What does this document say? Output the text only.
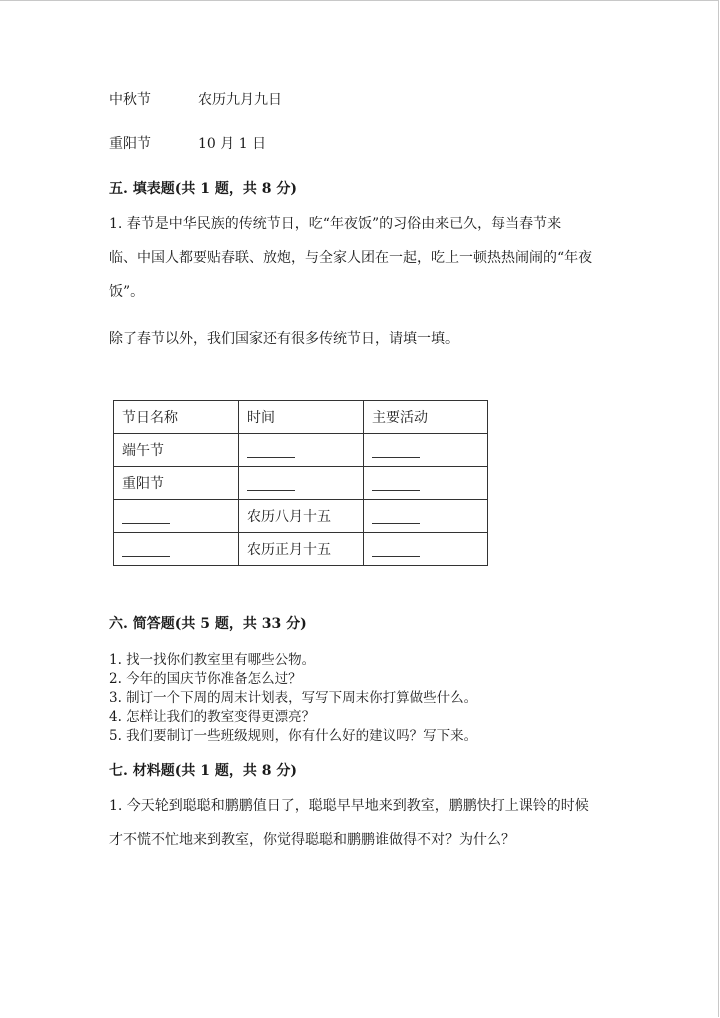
中秋节	农历九月九日
重阳节	10 月 1 日
五. 填表题(共 1 题，共 8 分)
1. 春节是中华民族的传统节日，吃“年夜饭”的习俗由来已久，每当春节来
临、中国人都要贴春联、放炮，与全家人团在一起，吃上一顿热热闹闹的“年夜
饭”。
除了春节以外，我们国家还有很多传统节日，请填一填。
节日名称	时间	主要活动
端午节		
重阳节		
	农历八月十五	
	农历正月十五	
六. 简答题(共 5 题，共 33 分)
1. 找一找你们教室里有哪些公物。
2. 今年的国庆节你准备怎么过？
3. 制订一个下周的周末计划表，写写下周末你打算做些什么。
4. 怎样让我们的教室变得更漂亮？
5. 我们要制订一些班级规则，你有什么好的建议吗？写下来。
七. 材料题(共 1 题，共 8 分)
1. 今天轮到聪聪和鹏鹏值日了，聪聪早早地来到教室，鹏鹏快打上课铃的时候
才不慌不忙地来到教室，你觉得聪聪和鹏鹏谁做得不对？为什么？
